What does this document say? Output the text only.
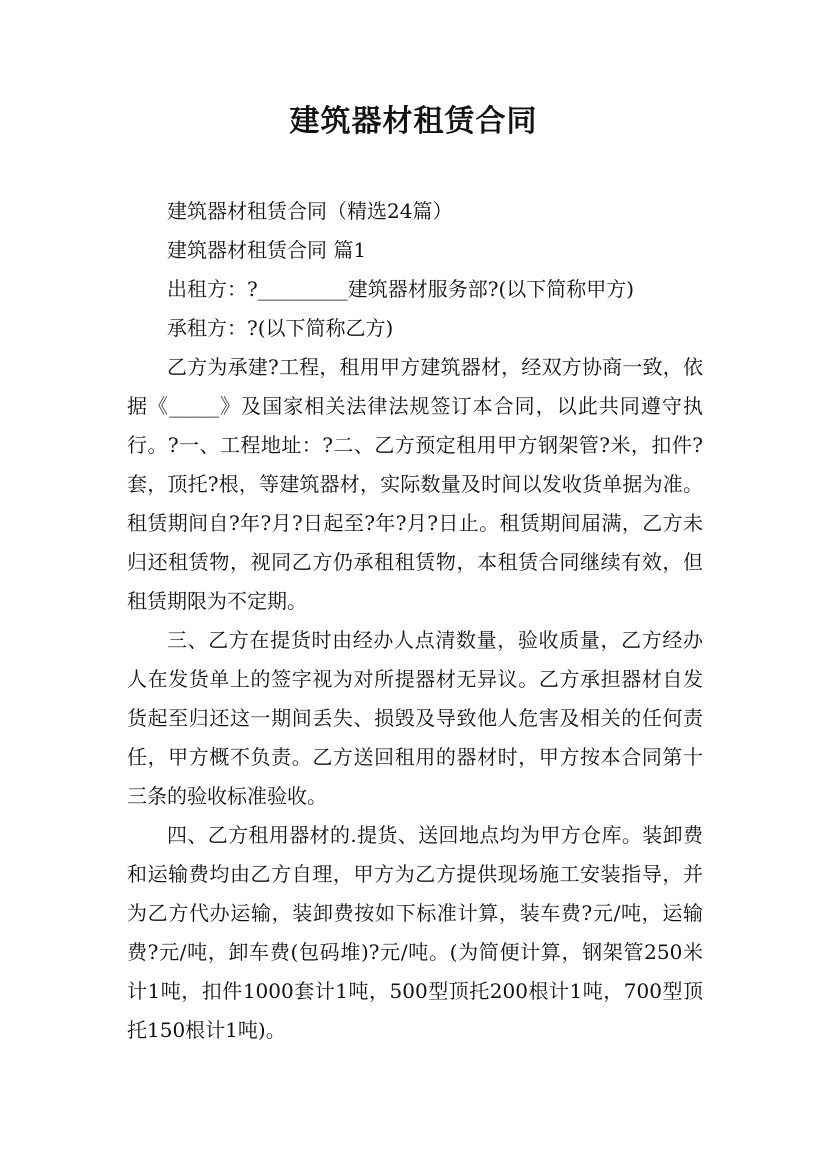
建筑器材租赁合同

建筑器材租赁合同（精选24篇）

建筑器材租赁合同 篇1

出租方：?_________建筑器材服务部?(以下简称甲方)

承租方：?(以下简称乙方)

乙方为承建?工程，租用甲方建筑器材，经双方协商一致，依据《_____》及国家相关法律法规签订本合同，以此共同遵守执行。?一、工程地址：?二、乙方预定租用甲方钢架管?米，扣件?套，顶托?根，等建筑器材，实际数量及时间以发收货单据为准。租赁期间自?年?月?日起至?年?月?日止。租赁期间届满，乙方未归还租赁物，视同乙方仍承租租赁物，本租赁合同继续有效，但租赁期限为不定期。

三、乙方在提货时由经办人点清数量，验收质量，乙方经办人在发货单上的签字视为对所提器材无异议。乙方承担器材自发货起至归还这一期间丢失、损毁及导致他人危害及相关的任何责任，甲方概不负责。乙方送回租用的器材时，甲方按本合同第十三条的验收标准验收。

四、乙方租用器材的.提货、送回地点均为甲方仓库。装卸费和运输费均由乙方自理，甲方为乙方提供现场施工安装指导，并为乙方代办运输，装卸费按如下标准计算，装车费?元/吨，运输费?元/吨，卸车费(包码堆)?元/吨。(为简便计算，钢架管250米计1吨，扣件1000套计1吨，500型顶托200根计1吨，700型顶托150根计1吨)。
